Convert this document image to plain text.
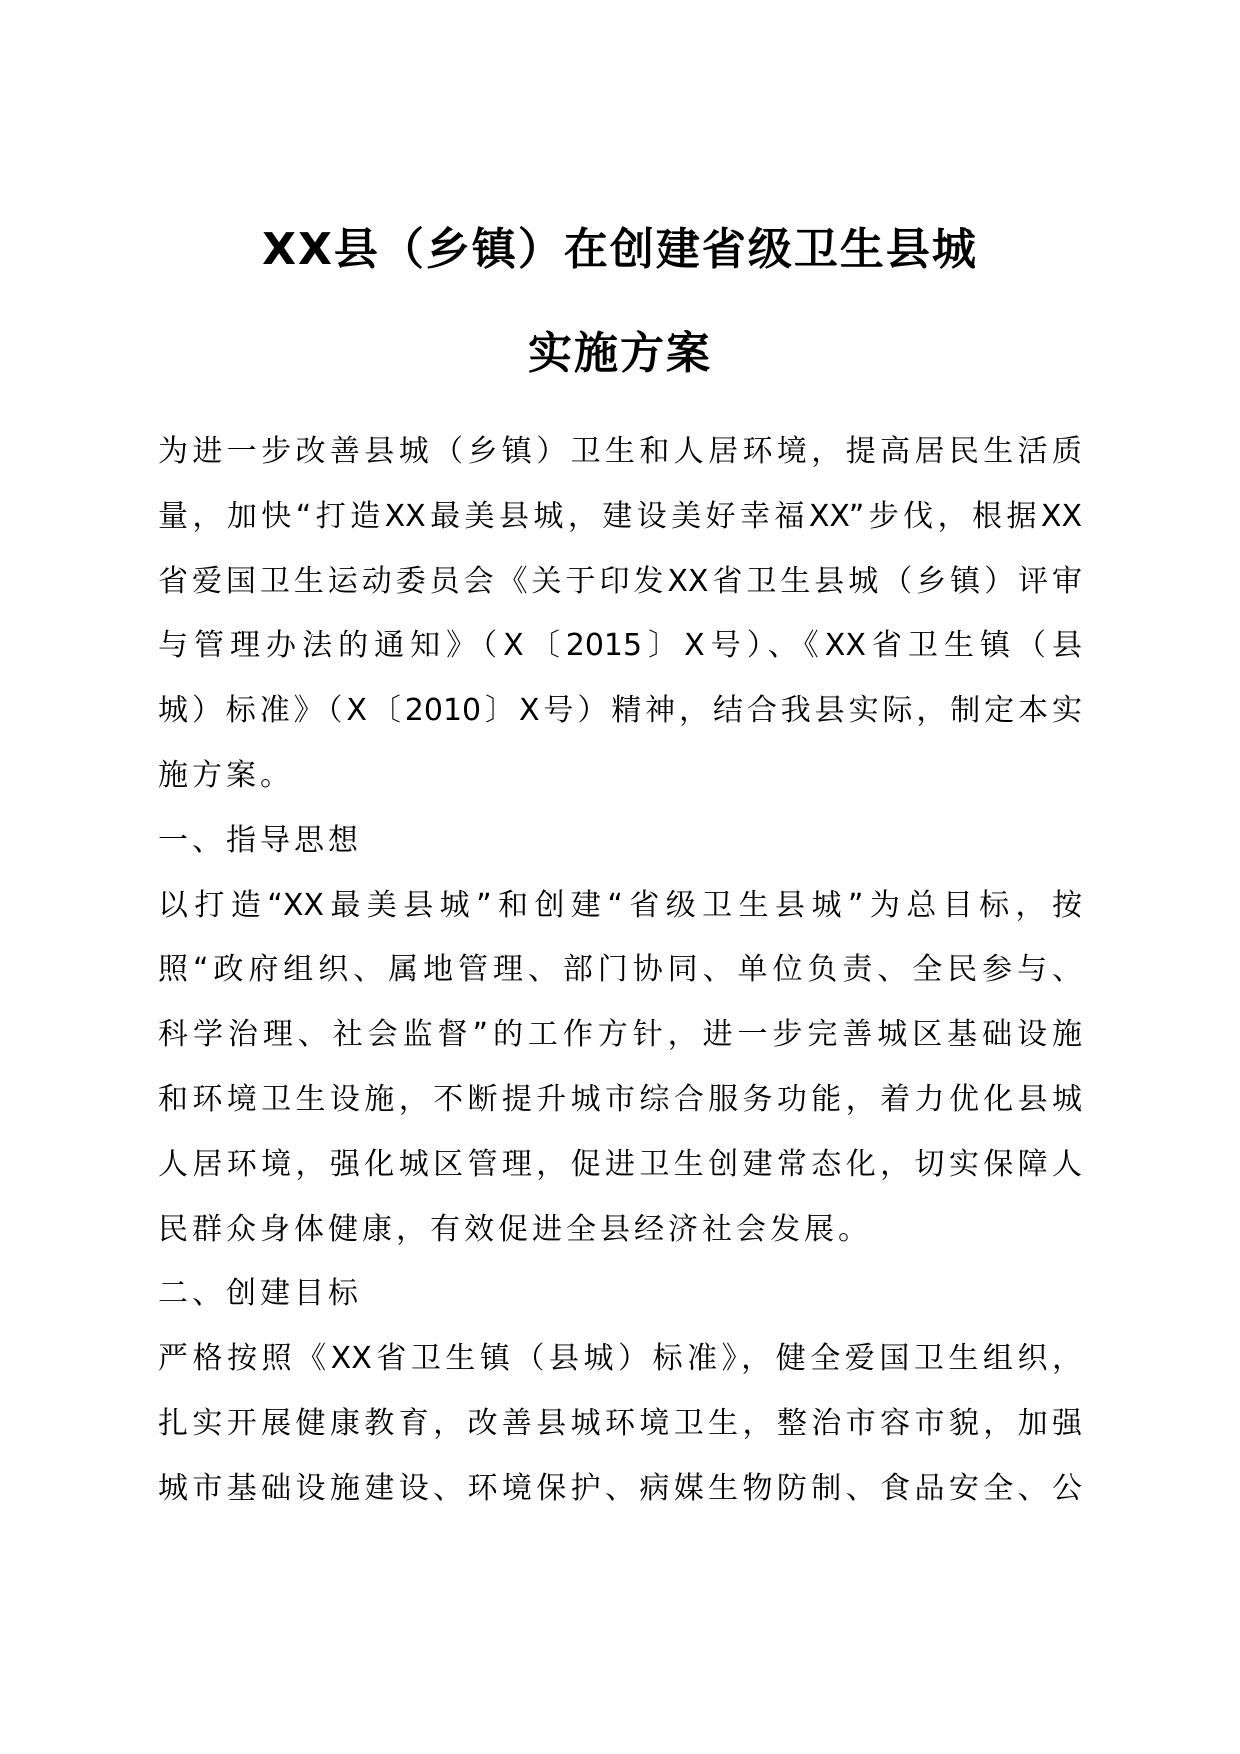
XX县（乡镇）在创建省级卫生县城
实施方案
为进一步改善县城（乡镇）卫生和人居环境，提高居民生活质
量，加快“打造XX最美县城，建设美好幸福XX”步伐，根据XX
省爱国卫生运动委员会《关于印发XX省卫生县城（乡镇）评审
与管理办法的通知》（X〔2015〕X号）、《XX省卫生镇（县
城）标准》（X〔2010〕X号）精神，结合我县实际，制定本实
施方案。
一、指导思想
以打造“XX最美县城”和创建“省级卫生县城”为总目标，按
照“政府组织、属地管理、部门协同、单位负责、全民参与、
科学治理、社会监督”的工作方针，进一步完善城区基础设施
和环境卫生设施，不断提升城市综合服务功能，着力优化县城
人居环境，强化城区管理，促进卫生创建常态化，切实保障人
民群众身体健康，有效促进全县经济社会发展。
二、创建目标
严格按照《XX省卫生镇（县城）标准》，健全爱国卫生组织，
扎实开展健康教育，改善县城环境卫生，整治市容市貌，加强
城市基础设施建设、环境保护、病媒生物防制、食品安全、公
